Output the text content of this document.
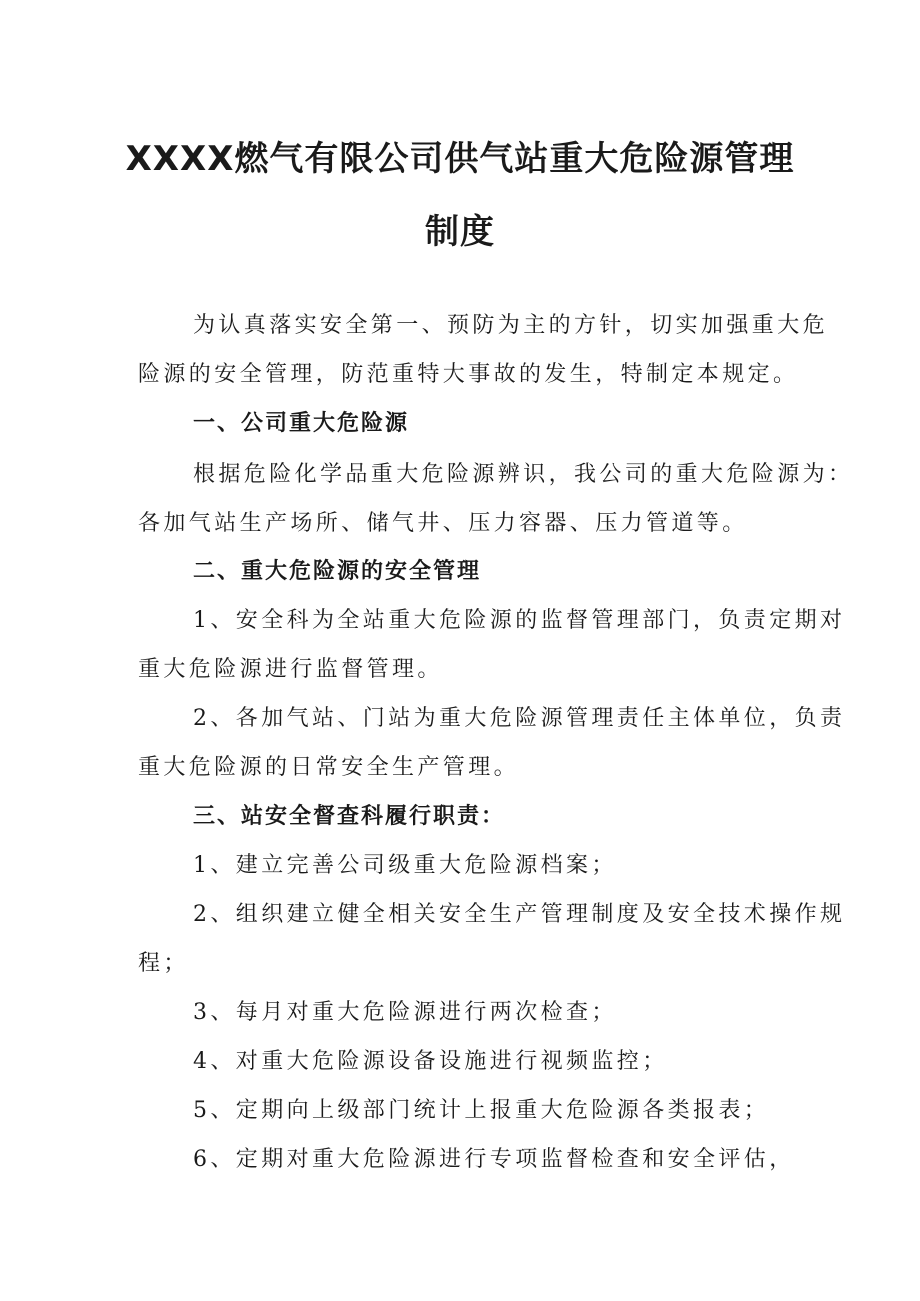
XXXX燃气有限公司供气站重大危险源管理
制度
为认真落实安全第一、预防为主的方针，切实加强重大危
险源的安全管理，防范重特大事故的发生，特制定本规定。
一、公司重大危险源
根据危险化学品重大危险源辨识，我公司的重大危险源为：
各加气站生产场所、储气井、压力容器、压力管道等。
二、重大危险源的安全管理
1、安全科为全站重大危险源的监督管理部门，负责定期对
重大危险源进行监督管理。
2、各加气站、门站为重大危险源管理责任主体单位，负责
重大危险源的日常安全生产管理。
三、站安全督查科履行职责：
1、建立完善公司级重大危险源档案；
2、组织建立健全相关安全生产管理制度及安全技术操作规
程；
3、每月对重大危险源进行两次检查；
4、对重大危险源设备设施进行视频监控；
5、定期向上级部门统计上报重大危险源各类报表；
6、定期对重大危险源进行专项监督检查和安全评估，
